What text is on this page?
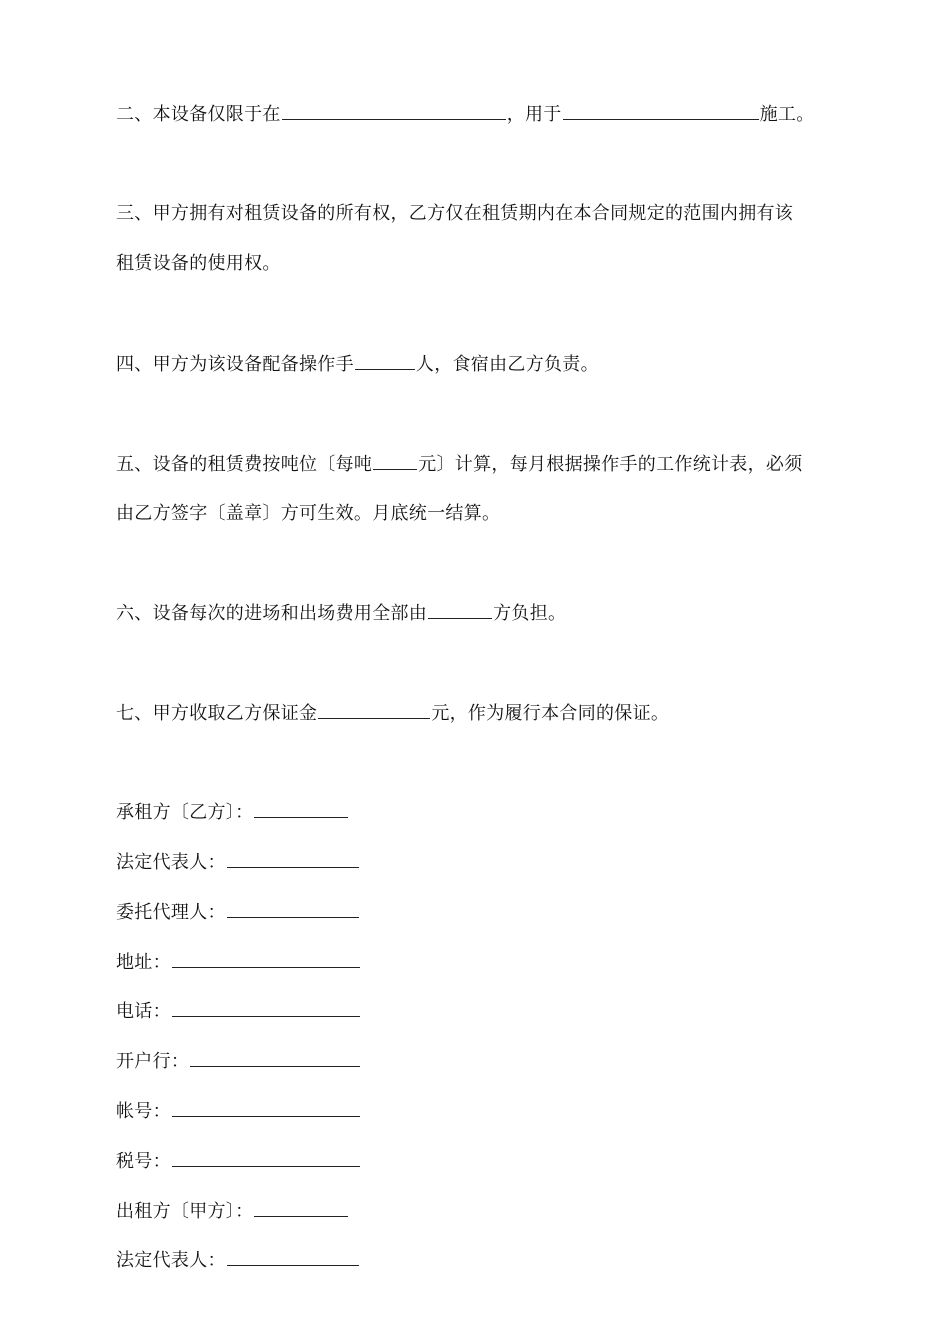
二、本设备仅限于在	，用于	施工。
三、甲方拥有对租赁设备的所有权，乙方仅在租赁期内在本合同规定的范围内拥有该
租赁设备的使用权。
四、甲方为该设备配备操作手	人，食宿由乙方负责。
五、设备的租赁费按吨位〔每吨	元〕计算，每月根据操作手的工作统计表，必须
由乙方签字〔盖章〕方可生效。月底统一结算。
六、设备每次的进场和出场费用全部由	方负担。
七、甲方收取乙方保证金	元，作为履行本合同的保证。
承租方〔乙方〕：
法定代表人：
委托代理人：
地址：
电话：
开户行：
帐号：
税号：
出租方〔甲方〕：
法定代表人：
